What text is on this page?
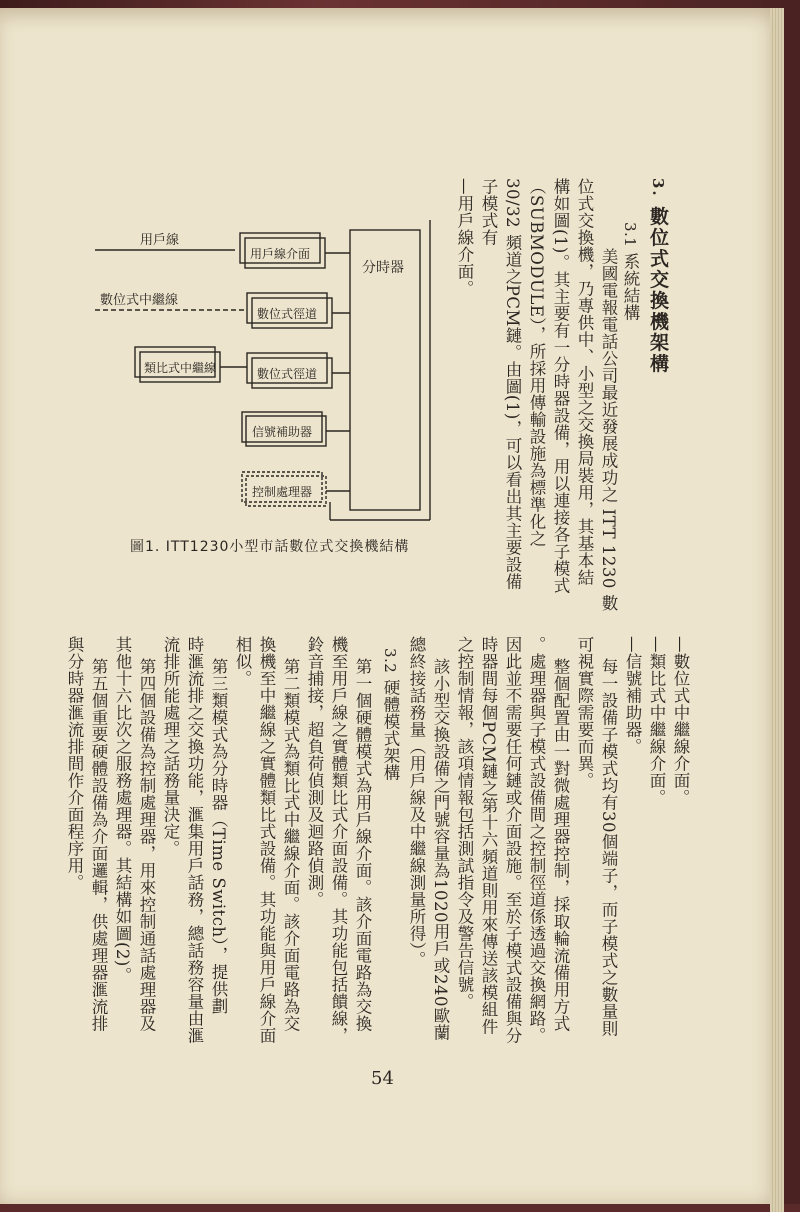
3. 數位式交換機架構
3.1 系統結構
美國電報電話公司最近發展成功之 ITT 1230 數
位式交換機，乃專供中、小型之交換局裝用，其基本結
構如圖(1)。其主要有一分時器設備，用以連接各子模式
（SUBMODULE），所採用傳輸設施為標準化之
30/32 頻道之PCM鏈。由圖(1)，可以看出其主要設備
子模式有
—用戶線介面。
—數位式中繼線介面。
—類比式中繼線介面。
—信號補助器。
每一設備子模式均有30個端子，而子模式之數量則
可視實際需要而異。
整個配置由一對微處理器控制，採取輪流備用方式
。處理器與子模式設備間之控制徑道係透過交換網路。
因此並不需要任何鏈或介面設施。至於子模式設備與分
時器間每個PCM鏈之第十六頻道則用來傳送該模組件
之控制情報，該項情報包括測試指令及警告信號。
該小型交換設備之門號容量為1020用戶或240歐蘭
總終接話務量（用戶線及中繼線測量所得）。
3.2 硬體模式架構
第一個硬體模式為用戶線介面。該介面電路為交換
機至用戶線之實體類比式介面設備。其功能包括饋線，
鈴音捕接，超負荷偵測及迴路偵測。
第二類模式為類比式中繼線介面。該介面電路為交
換機至中繼線之實體類比式設備。其功能與用戶線介面
相似。
第三類模式為分時器（Time Switch），提供劃
時滙流排之交換功能，滙集用戶話務，總話務容量由滙
流排所能處理之話務量決定。
第四個設備為控制處理器，用來控制通話處理器及
其他十六比次之服務處理器。其結構如圖(2)。
第五個重要硬體設備為介面邏輯，供處理器滙流排
與分時器滙流排間作介面程序用。
用戶線
數位式中繼線
用戶線介面
數位式徑道
類比式中繼線	數位式徑道
信號補助器
控制處理器
分時器
圖1. ITT1230小型市話數位式交換機結構
54
